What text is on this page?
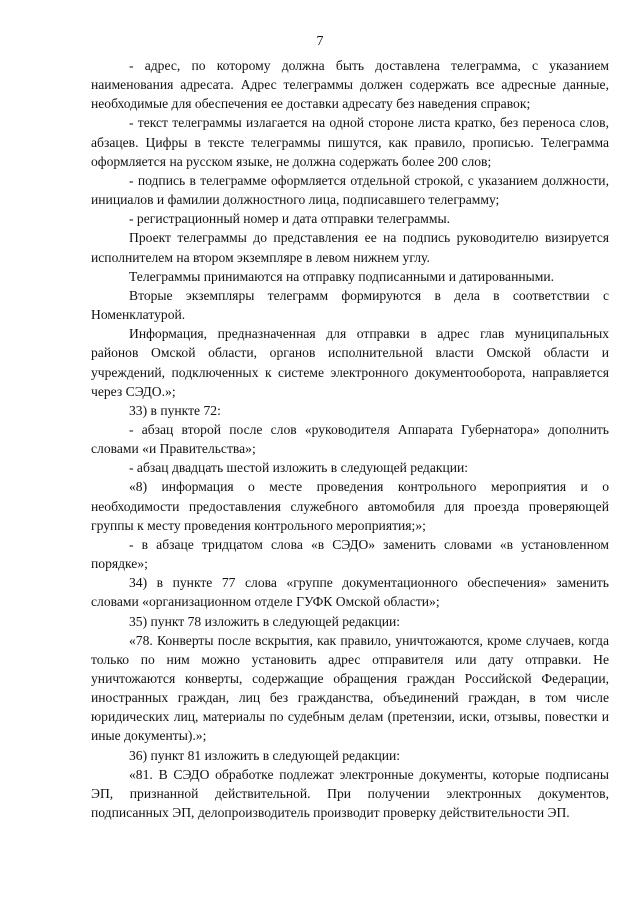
7

- адрес, по которому должна быть доставлена телеграмма, с указанием наименования адресата. Адрес телеграммы должен содержать все адресные данные, необходимые для обеспечения ее доставки адресату без наведения справок;

- текст телеграммы излагается на одной стороне листа кратко, без переноса слов, абзацев. Цифры в тексте телеграммы пишутся, как правило, прописью. Телеграмма оформляется на русском языке, не должна содержать более 200 слов;

- подпись в телеграмме оформляется отдельной строкой, с указанием должности, инициалов и фамилии должностного лица, подписавшего телеграмму;

- регистрационный номер и дата отправки телеграммы.

Проект телеграммы до представления ее на подпись руководителю визируется исполнителем на втором экземпляре в левом нижнем углу.

Телеграммы принимаются на отправку подписанными и датированными.

Вторые экземпляры телеграмм формируются в дела в соответствии с Номенклатурой.

Информация, предназначенная для отправки в адрес глав муниципальных районов Омской области, органов исполнительной власти Омской области и учреждений, подключенных к системе электронного документооборота, направляется через СЭДО.»;

33) в пункте 72:

- абзац второй после слов «руководителя Аппарата Губернатора» дополнить словами «и Правительства»;

- абзац двадцать шестой изложить в следующей редакции:

«8) информация о месте проведения контрольного мероприятия и о необходимости предоставления служебного автомобиля для проезда проверяющей группы к месту проведения контрольного мероприятия;»;

- в абзаце тридцатом слова «в СЭДО» заменить словами «в установленном порядке»;

34) в пункте 77 слова «группе документационного обеспечения» заменить словами «организационном отделе ГУФК Омской области»;

35) пункт 78 изложить в следующей редакции:

«78. Конверты после вскрытия, как правило, уничтожаются, кроме случаев, когда только по ним можно установить адрес отправителя или дату отправки. Не уничтожаются конверты, содержащие обращения граждан Российской Федерации, иностранных граждан, лиц без гражданства, объединений граждан, в том числе юридических лиц, материалы по судебным делам (претензии, иски, отзывы, повестки и иные документы).»;

36) пункт 81 изложить в следующей редакции:

«81. В СЭДО обработке подлежат электронные документы, которые подписаны ЭП, признанной действительной. При получении электронных документов, подписанных ЭП, делопроизводитель производит проверку действительности ЭП.
